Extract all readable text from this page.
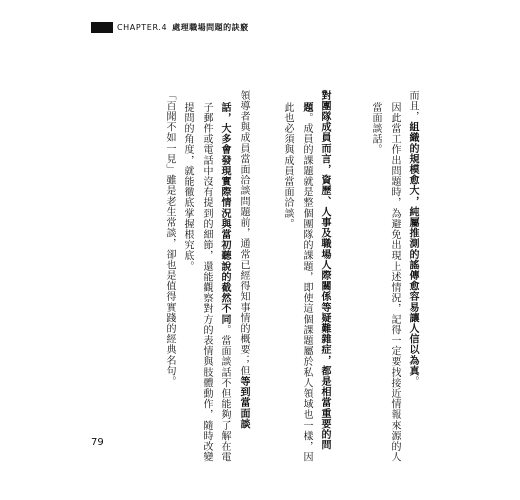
CHAPTER.4 處理職場問題的訣竅
而且，組織的規模愈大，純屬推測的謠傳愈容易讓人信以為真。
因此當工作出問題時，為避免出現上述情況，記得一定要找接近情報來源的人
當面談話。
對團隊成員而言，資歷、人事及職場人際關係等疑難雜症，都是相當重要的問
題。成員的課題就是整個團隊的課題，即使這個課題屬於私人領域也一樣，因
此也必須與成員當面洽談。
領導者與成員當面洽談問題前，通常已經得知事情的概要；但等到當面談
話，大多會發現實際情況與當初聽說的截然不同。當面談話不但能夠了解在電
子郵件或電話中沒有提到的細節，還能觀察對方的表情與肢體動作，隨時改變
提問的角度，就能徹底掌握根究底。
「百聞不如一見」雖是老生常談，卻也是值得實踐的經典名句。
79
